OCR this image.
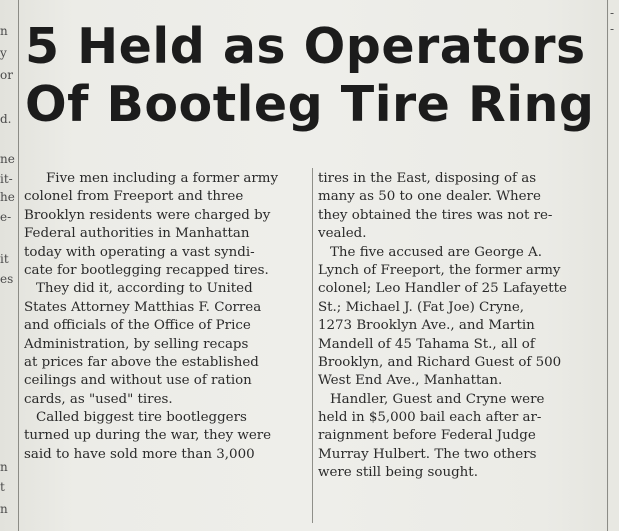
n
y
or
d.
ne
it-
he
e-
it
es
n
t
n
-
-
5 Held as Operators
Of Bootleg Tire Ring
Five men including a former army
colonel from Freeport and three
Brooklyn residents were charged by
Federal authorities in Manhattan
today with operating a vast syndi-
cate for bootlegging recapped tires.
They did it, according to United
States Attorney Matthias F. Correa
and officials of the Office of Price
Administration, by selling recaps
at prices far above the established
ceilings and without use of ration
cards, as "used" tires.
Called biggest tire bootleggers
turned up during the war, they were
said to have sold more than 3,000
tires in the East, disposing of as
many as 50 to one dealer. Where
they obtained the tires was not re-
vealed.
The five accused are George A.
Lynch of Freeport, the former army
colonel; Leo Handler of 25 Lafayette
St.; Michael J. (Fat Joe) Cryne,
1273 Brooklyn Ave., and Martin
Mandell of 45 Tahama St., all of
Brooklyn, and Richard Guest of 500
West End Ave., Manhattan.
Handler, Guest and Cryne were
held in $5,000 bail each after ar-
raignment before Federal Judge
Murray Hulbert. The two others
were still being sought.
